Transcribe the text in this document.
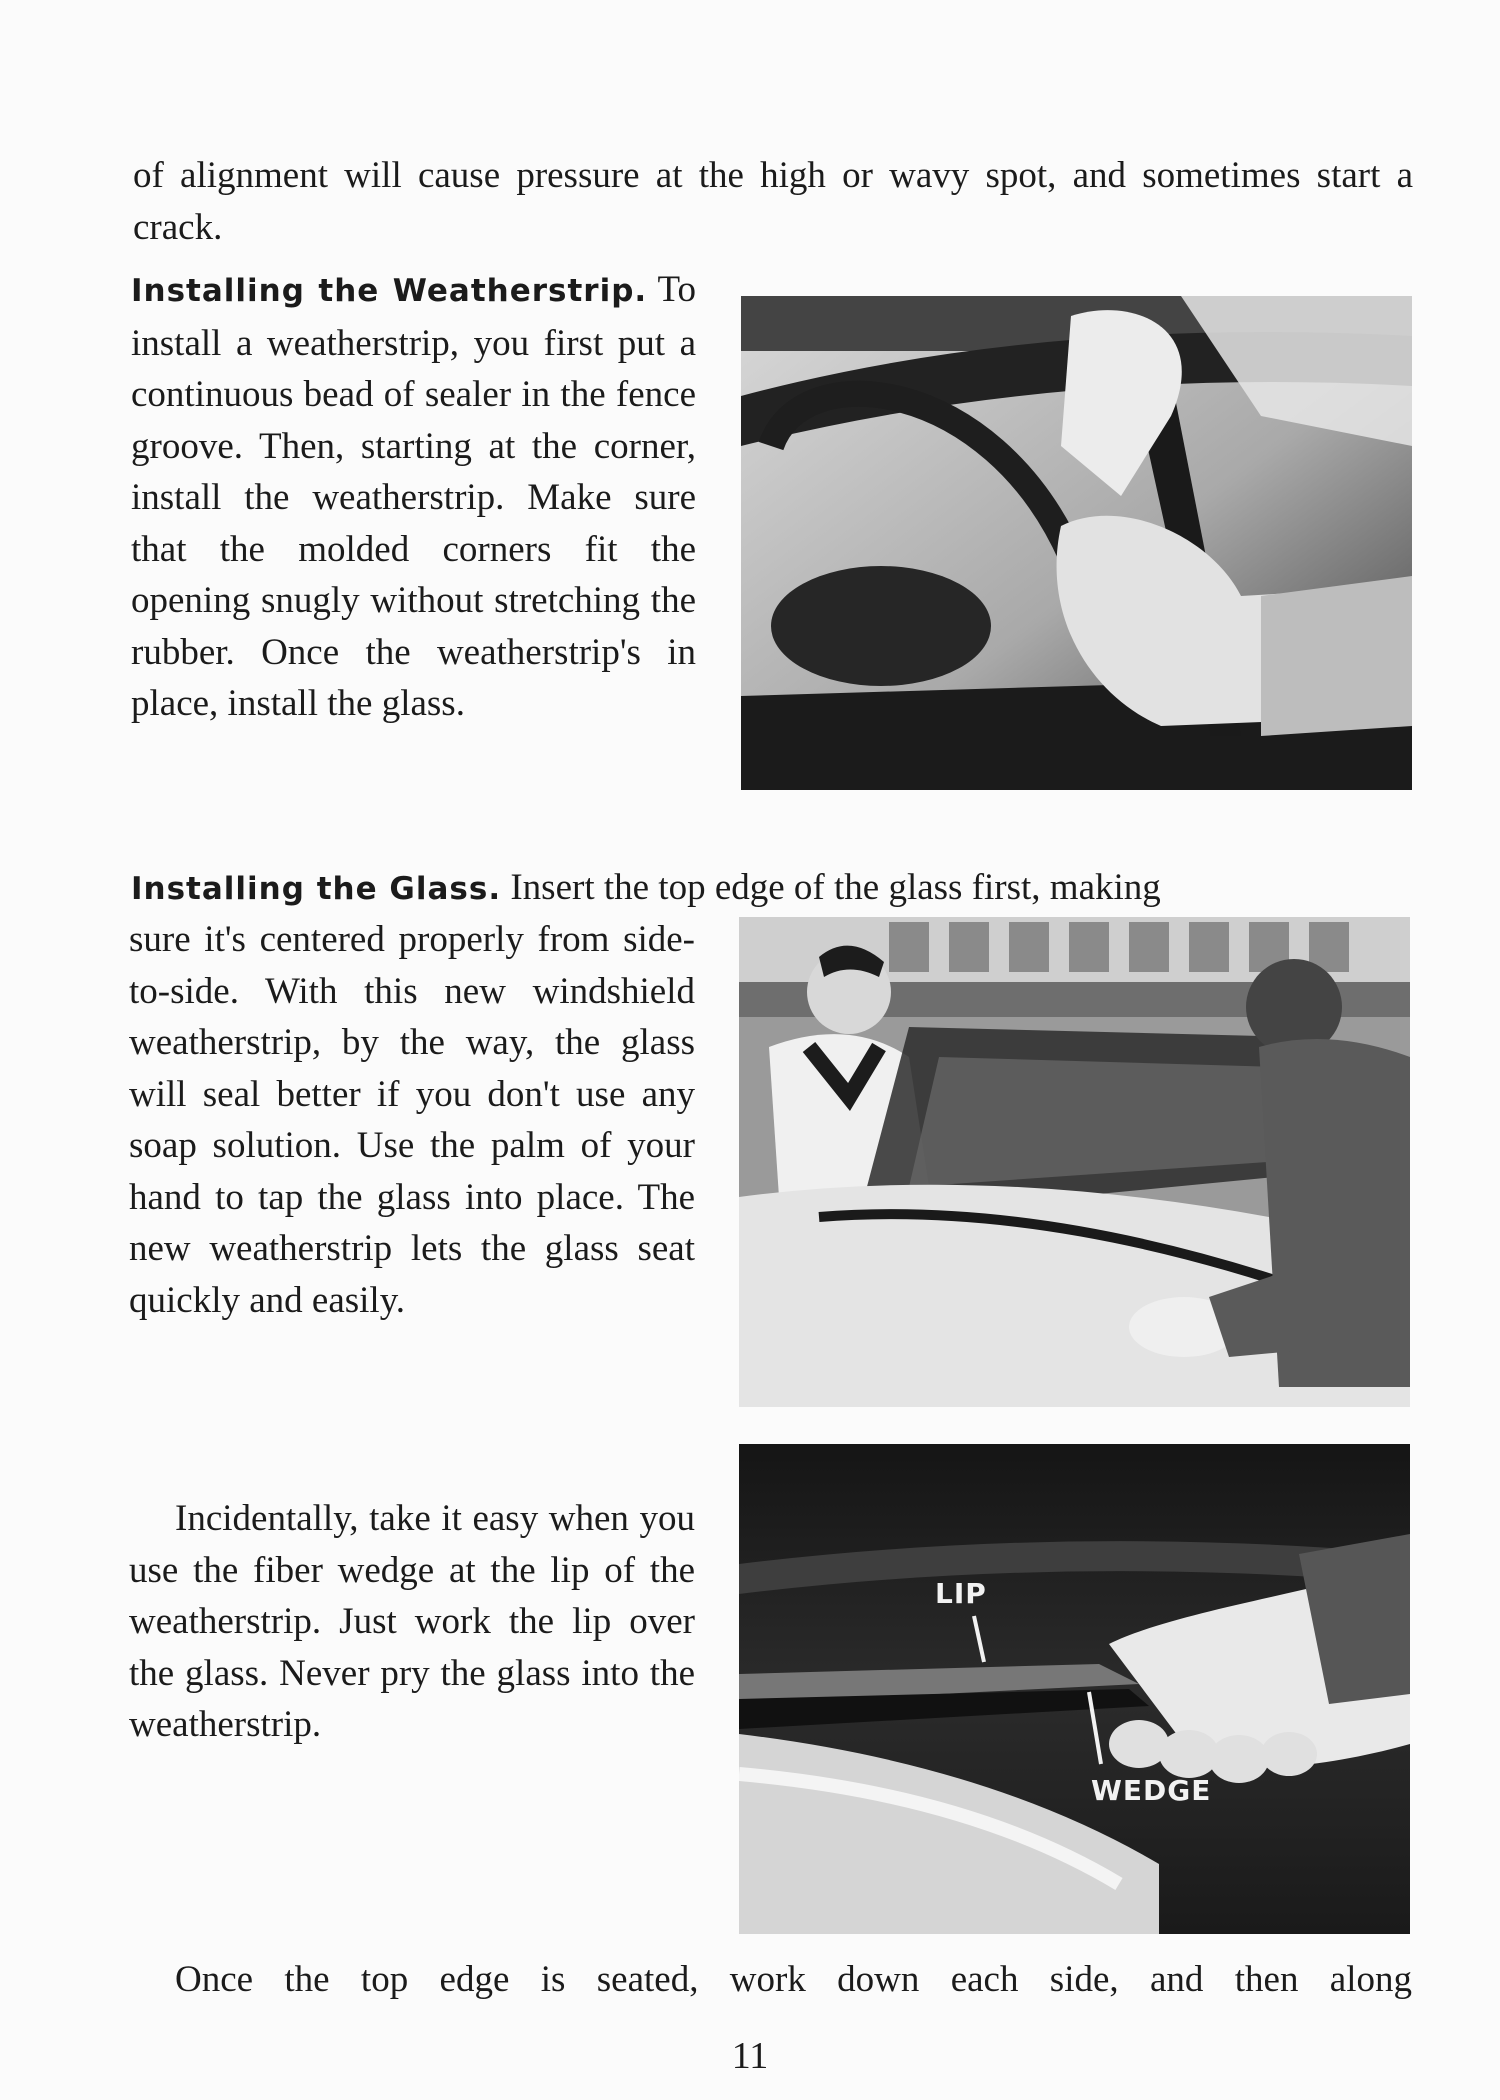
of alignment will cause pressure at the high or wavy spot, and sometimes start a crack.

Installing the Weatherstrip. To install a weatherstrip, you first put a continuous bead of sealer in the fence groove. Then, starting at the corner, install the weatherstrip. Make sure that the molded corners fit the opening snugly without stretching the rubber. Once the weatherstrip's in place, install the glass.

Installing the Glass. Insert the top edge of the glass first, making

sure it's centered properly from side-to-side. With this new windshield weatherstrip, by the way, the glass will seal better if you don't use any soap solution. Use the palm of your hand to tap the glass into place. The new weatherstrip lets the glass seat quickly and easily.

Incidentally, take it easy when you use the fiber wedge at the lip of the weatherstrip. Just work the lip over the glass. Never pry the glass into the weatherstrip.

LIP
WEDGE

Once the top edge is seated, work down each side, and then along

11
